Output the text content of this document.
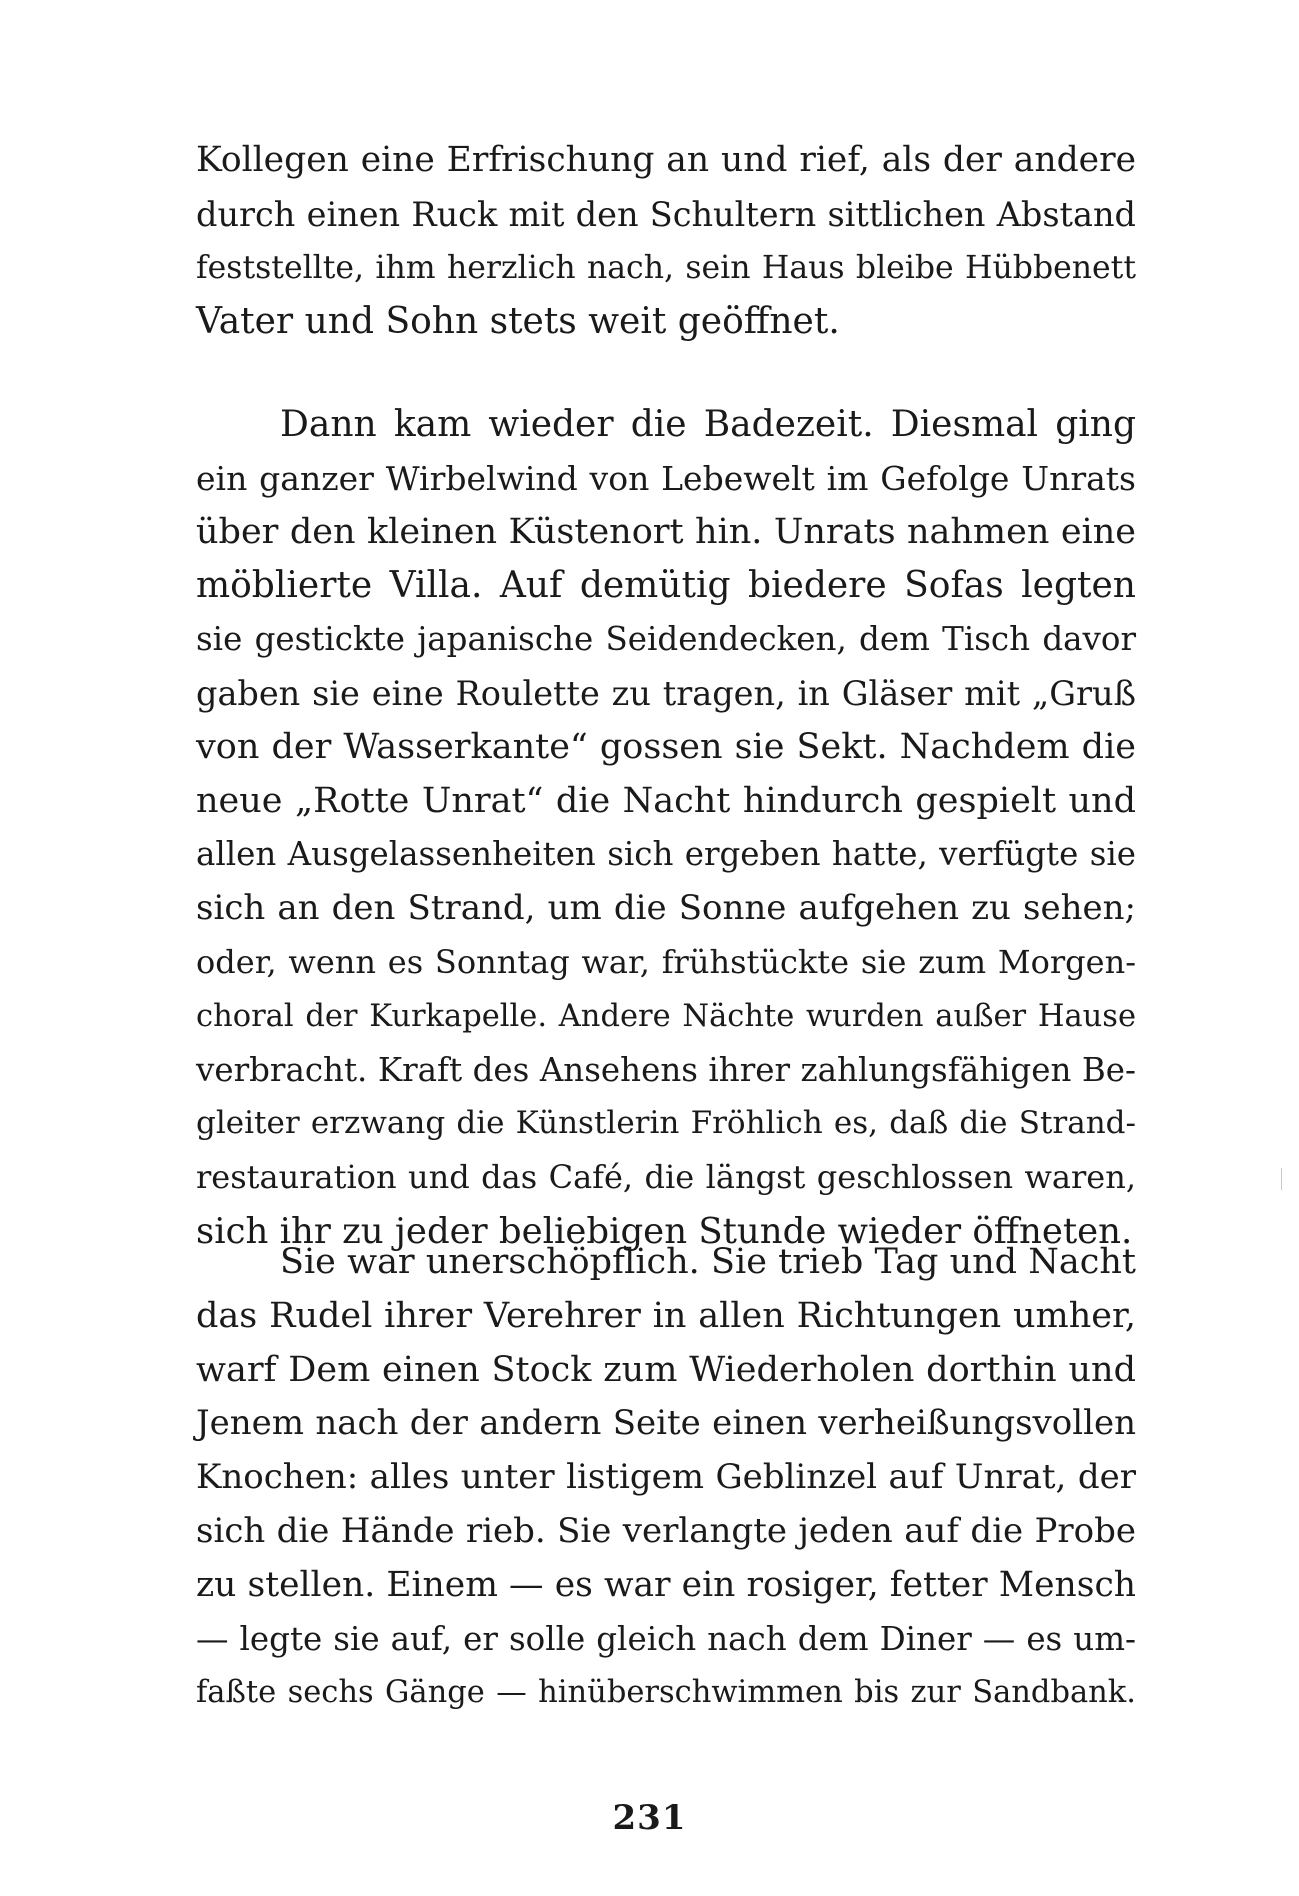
Kollegen eine Erfrischung an und rief, als der andere
durch einen Ruck mit den Schultern sittlichen Abstand
feststellte, ihm herzlich nach, sein Haus bleibe Hübbenett
Vater und Sohn stets weit geöffnet.
Dann kam wieder die Badezeit. Diesmal ging
ein ganzer Wirbelwind von Lebewelt im Gefolge Unrats
über den kleinen Küstenort hin. Unrats nahmen eine
möblierte Villa. Auf demütig biedere Sofas legten
sie gestickte japanische Seidendecken, dem Tisch davor
gaben sie eine Roulette zu tragen, in Gläser mit „Gruß
von der Wasserkante“ gossen sie Sekt. Nachdem die
neue „Rotte Unrat“ die Nacht hindurch gespielt und
allen Ausgelassenheiten sich ergeben hatte, verfügte sie
sich an den Strand, um die Sonne aufgehen zu sehen;
oder, wenn es Sonntag war, frühstückte sie zum Morgen-
choral der Kurkapelle. Andere Nächte wurden außer Hause
verbracht. Kraft des Ansehens ihrer zahlungsfähigen Be-
gleiter erzwang die Künstlerin Fröhlich es, daß die Strand-
restauration und das Café, die längst geschlossen waren,
sich ihr zu jeder beliebigen Stunde wieder öffneten.
Sie war unerschöpflich. Sie trieb Tag und Nacht
das Rudel ihrer Verehrer in allen Richtungen umher,
warf Dem einen Stock zum Wiederholen dorthin und
Jenem nach der andern Seite einen verheißungsvollen
Knochen: alles unter listigem Geblinzel auf Unrat, der
sich die Hände rieb. Sie verlangte jeden auf die Probe
zu stellen. Einem — es war ein rosiger, fetter Mensch
— legte sie auf, er solle gleich nach dem Diner — es um-
faßte sechs Gänge — hinüberschwimmen bis zur Sandbank.
231
